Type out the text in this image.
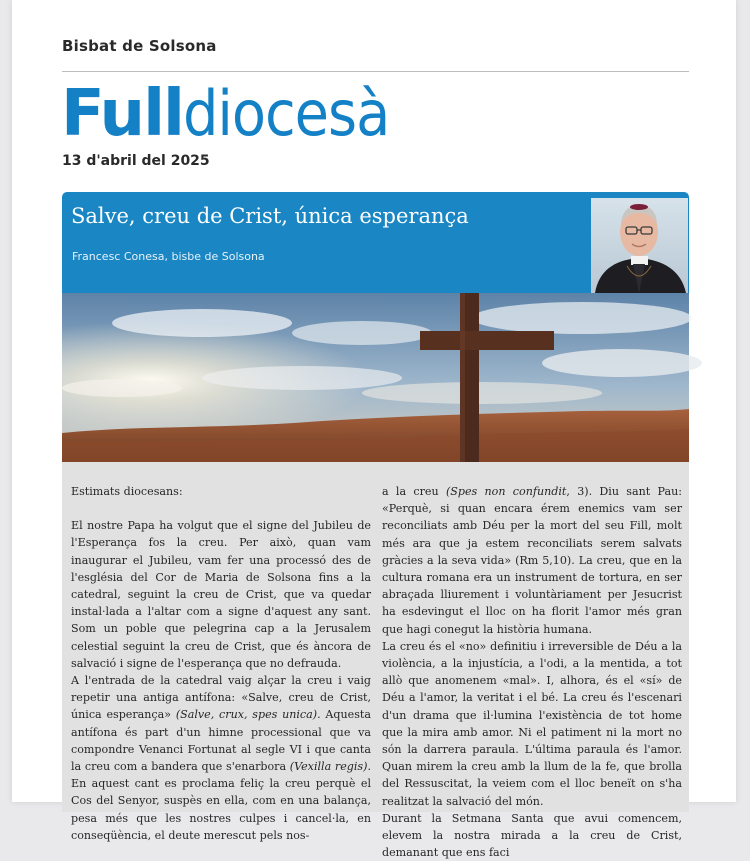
Bisbat de Solsona
Fulldiocesà
13 d'abril del 2025
Salve, creu de Crist, única esperança
Francesc Conesa, bisbe de Solsona

Estimats diocesans:

El nostre Papa ha volgut que el signe del Jubileu de l'Esperança fos la creu. Per això, quan vam inaugurar el Jubileu, vam fer una processó des de l'església del Cor de Maria de Solsona fins a la catedral, seguint la creu de Crist, que va quedar instal·lada a l'altar com a signe d'aquest any sant. Som un poble que pelegrina cap a la Jerusalem celestial seguint la creu de Crist, que és àncora de salvació i signe de l'esperança que no defrauda.

A l'entrada de la catedral vaig alçar la creu i vaig repetir una antiga antífona: «Salve, creu de Crist, única esperança» (Salve, crux, spes unica). Aquesta antífona és part d'un himne processional que va compondre Venanci Fortunat al segle VI i que canta la creu com a bandera que s'enarbora (Vexilla regis). En aquest cant es proclama feliç la creu perquè el Cos del Senyor, suspès en ella, com en una balança, pesa més que les nostres culpes i cancel·la, en conseqüència, el deute merescut pels nos-

a la creu (Spes non confundit, 3). Diu sant Pau: «Perquè, si quan encara érem enemics vam ser reconciliats amb Déu per la mort del seu Fill, molt més ara que ja estem reconciliats serem salvats gràcies a la seva vida» (Rm 5,10). La creu, que en la cultura romana era un instrument de tortura, en ser abraçada lliurement i voluntàriament per Jesucrist ha esdevingut el lloc on ha florit l'amor més gran que hagi conegut la història humana.

La creu és el «no» definitiu i irreversible de Déu a la violència, a la injustícia, a l'odi, a la mentida, a tot allò que anomenem «mal». I, alhora, és el «sí» de Déu a l'amor, la veritat i el bé. La creu és l'escenari d'un drama que il·lumina l'existència de tot home que la mira amb amor. Ni el patiment ni la mort no són la darrera paraula. L'última paraula és l'amor. Quan mirem la creu amb la llum de la fe, que brolla del Ressuscitat, la veiem com el lloc beneït on s'ha realitzat la salvació del món.

Durant la Setmana Santa que avui comencem, elevem la nostra mirada a la creu de Crist, demanant que ens faci
